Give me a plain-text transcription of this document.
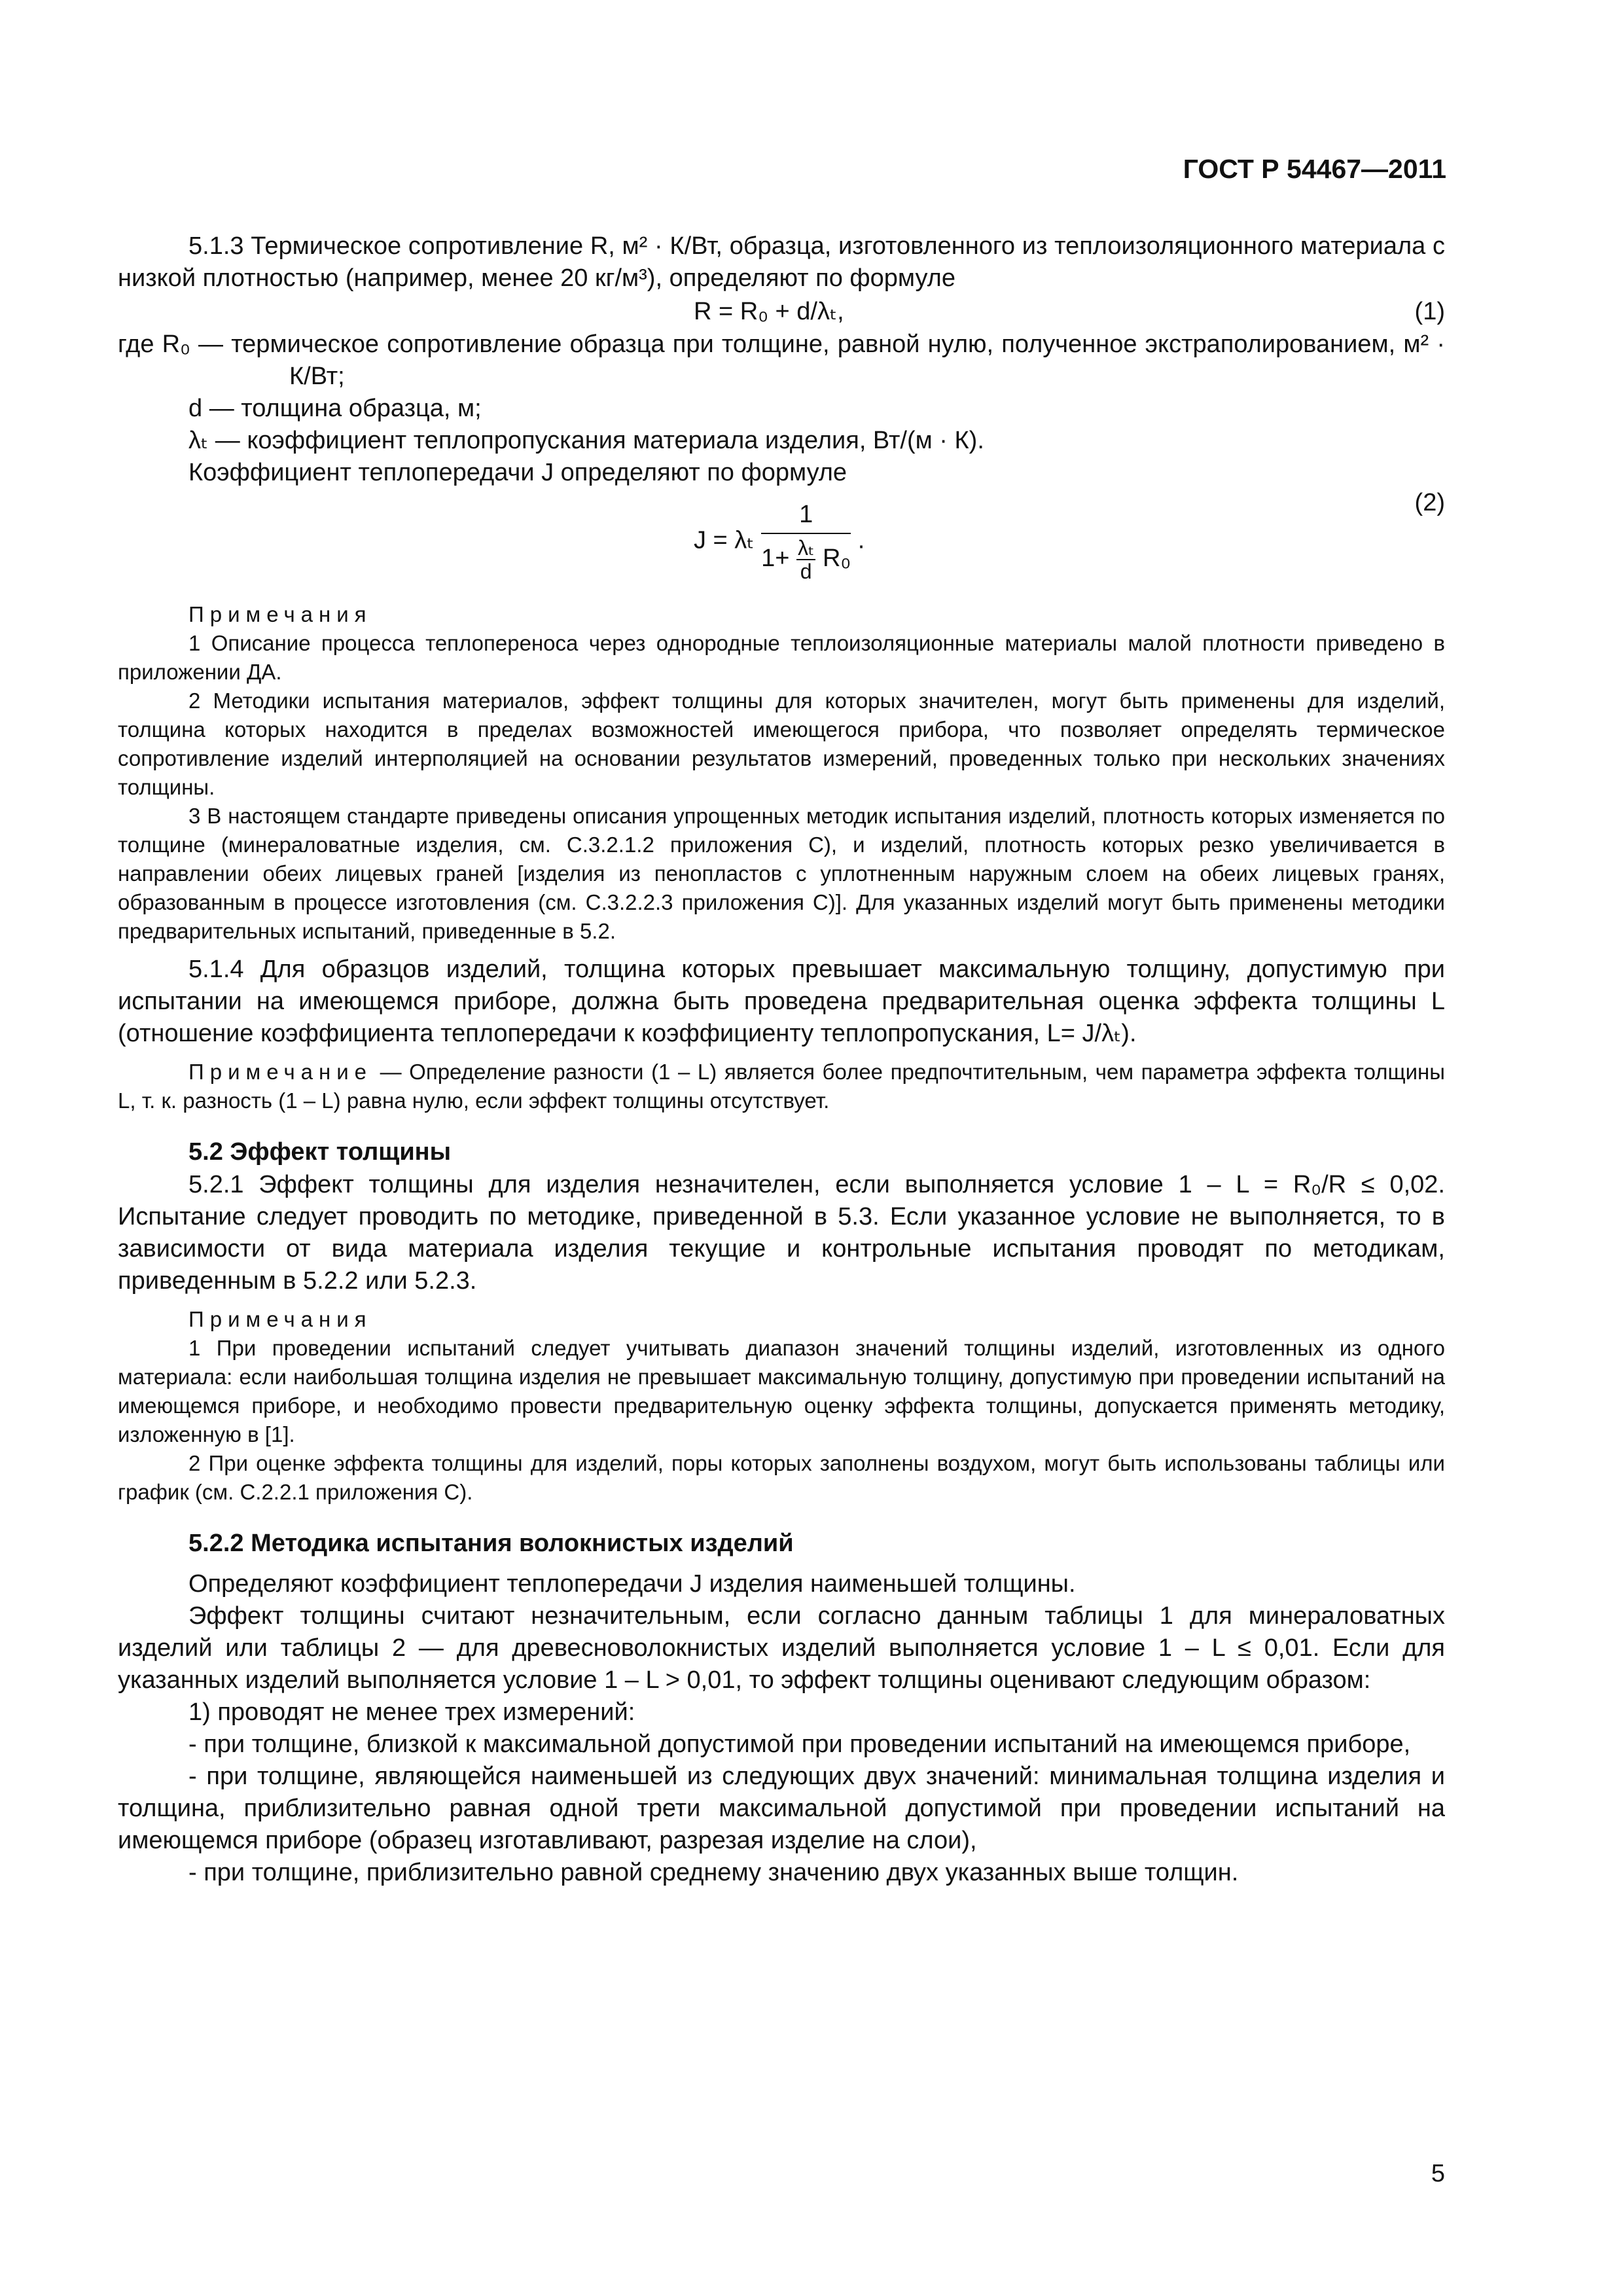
ГОСТ Р 54467—2011

5.1.3 Термическое сопротивление R, м² · К/Вт, образца, изготовленного из теплоизоляционного материала с низкой плотностью (например, менее 20 кг/м³), определяют по формуле

R = R₀ + d/λₜ,	(1)

где R₀ — термическое сопротивление образца при толщине, равной нулю, полученное экстраполированием, м² · К/Вт;

d — толщина образца, м;

λₜ — коэффициент теплопропускания материала изделия, Вт/(м · К).

Коэффициент теплопередачи J определяют по формуле

J = λₜ
1
$1+ \frac{\text{λₜ}}{d} R_0$
.
(2)

Примечания

1 Описание процесса теплопереноса через однородные теплоизоляционные материалы малой плотности приведено в приложении ДА.

2 Методики испытания материалов, эффект толщины для которых значителен, могут быть применены для изделий, толщина которых находится в пределах возможностей имеющегося прибора, что позволяет определять термическое сопротивление изделий интерполяцией на основании результатов измерений, проведенных только при нескольких значениях толщины.

3 В настоящем стандарте приведены описания упрощенных методик испытания изделий, плотность которых изменяется по толщине (минераловатные изделия, см. С.3.2.1.2 приложения С), и изделий, плотность которых резко увеличивается в направлении обеих лицевых граней [изделия из пенопластов с уплотненным наружным слоем на обеих лицевых гранях, образованным в процессе изготовления (см. С.3.2.2.3 приложения С)]. Для указанных изделий могут быть применены методики предварительных испытаний, приведенные в 5.2.

5.1.4 Для образцов изделий, толщина которых превышает максимальную толщину, допустимую при испытании на имеющемся приборе, должна быть проведена предварительная оценка эффекта толщины L (отношение коэффициента теплопередачи к коэффициенту теплопропускания, L= J/λₜ).

Примечание — Определение разности (1 – L) является более предпочтительным, чем параметра эффекта толщины L, т. к. разность (1 – L) равна нулю, если эффект толщины отсутствует.

5.2 Эффект толщины

5.2.1 Эффект толщины для изделия незначителен, если выполняется условие 1 – L = R₀/R ≤ 0,02. Испытание следует проводить по методике, приведенной в 5.3. Если указанное условие не выполняется, то в зависимости от вида материала изделия текущие и контрольные испытания проводят по методикам, приведенным в 5.2.2 или 5.2.3.

Примечания

1 При проведении испытаний следует учитывать диапазон значений толщины изделий, изготовленных из одного материала: если наибольшая толщина изделия не превышает максимальную толщину, допустимую при проведении испытаний на имеющемся приборе, и необходимо провести предварительную оценку эффекта толщины, допускается применять методику, изложенную в [1].

2 При оценке эффекта толщины для изделий, поры которых заполнены воздухом, могут быть использованы таблицы или график (см. С.2.2.1 приложения С).

5.2.2 Методика испытания волокнистых изделий

Определяют коэффициент теплопередачи J изделия наименьшей толщины.

Эффект толщины считают незначительным, если согласно данным таблицы 1 для минераловатных изделий или таблицы 2 — для древесноволокнистых изделий выполняется условие 1 – L ≤ 0,01. Если для указанных изделий выполняется условие 1 – L > 0,01, то эффект толщины оценивают следующим образом:

1) проводят не менее трех измерений:

- при толщине, близкой к максимальной допустимой при проведении испытаний на имеющемся приборе,

- при толщине, являющейся наименьшей из следующих двух значений: минимальная толщина изделия и толщина, приблизительно равная одной трети максимальной допустимой при проведении испытаний на имеющемся приборе (образец изготавливают, разрезая изделие на слои),

- при толщине, приблизительно равной среднему значению двух указанных выше толщин.

5
